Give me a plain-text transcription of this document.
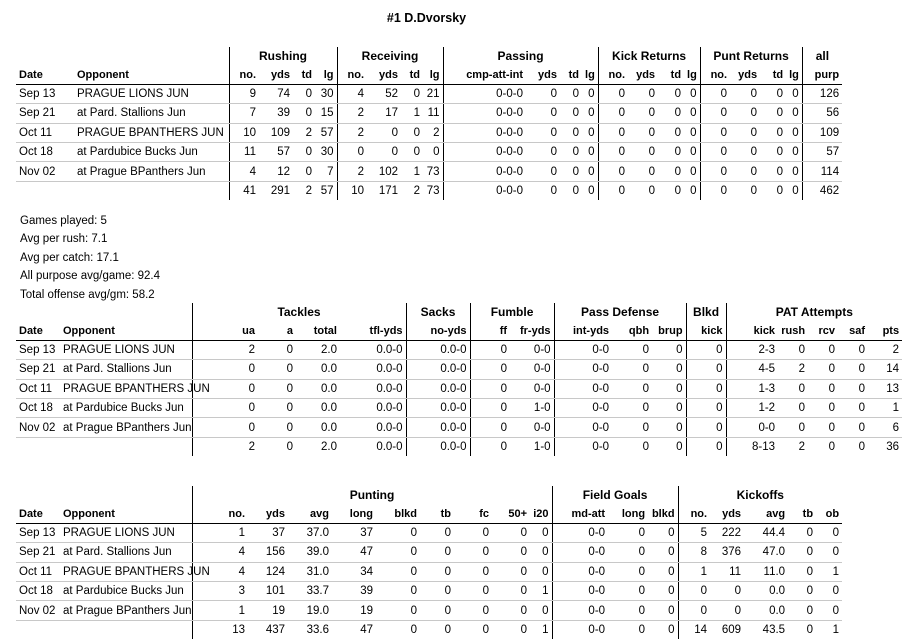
#1 D.Dvorsky
		Rushing				Receiving				Passing				Kick Returns				Punt Returns				all
Date	Opponent	no.	yds	td	lg	no.	yds	td	lg	cmp-att-int	yds	td	lg	no.	yds	td	lg	no.	yds	td	lg	purp
Sep 13	PRAGUE LIONS JUN	9	74	0	30	4	52	0	21	0-0-0	0	0	0	0	0	0	0	0	0	0	0	126
Sep 21	at Pard. Stallions Jun	7	39	0	15	2	17	1	11	0-0-0	0	0	0	0	0	0	0	0	0	0	0	56
Oct 11	PRAGUE BPANTHERS JUN	10	109	2	57	2	0	0	2	0-0-0	0	0	0	0	0	0	0	0	0	0	0	109
Oct 18	at Pardubice Bucks Jun	11	57	0	30	0	0	0	0	0-0-0	0	0	0	0	0	0	0	0	0	0	0	57
Nov 02	at Prague BPanthers Jun	4	12	0	7	2	102	1	73	0-0-0	0	0	0	0	0	0	0	0	0	0	0	114
		41	291	2	57	10	171	2	73	0-0-0	0	0	0	0	0	0	0	0	0	0	0	462
Games played: 5
Avg per rush: 7.1
Avg per catch: 17.1
All purpose avg/game: 92.4
Total offense avg/gm: 58.2
		Tackles				Sacks	Fumble		Pass Defense			Blkd	PAT Attempts				
Date	Opponent	ua	a	total	tfl-yds	no-yds	ff	fr-yds	int-yds	qbh	brup	kick	kick	rush	rcv	saf	pts
Sep 13	PRAGUE LIONS JUN	2	0	2.0	0.0-0	0.0-0	0	0-0	0-0	0	0	0	2-3	0	0	0	2
Sep 21	at Pard. Stallions Jun	0	0	0.0	0.0-0	0.0-0	0	0-0	0-0	0	0	0	4-5	2	0	0	14
Oct 11	PRAGUE BPANTHERS JUN	0	0	0.0	0.0-0	0.0-0	0	0-0	0-0	0	0	0	1-3	0	0	0	13
Oct 18	at Pardubice Bucks Jun	0	0	0.0	0.0-0	0.0-0	0	1-0	0-0	0	0	0	1-2	0	0	0	1
Nov 02	at Prague BPanthers Jun	0	0	0.0	0.0-0	0.0-0	0	0-0	0-0	0	0	0	0-0	0	0	0	6
		2	0	2.0	0.0-0	0.0-0	0	1-0	0-0	0	0	0	8-13	2	0	0	36
		Punting									Field Goals			Kickoffs				
Date	Opponent	no.	yds	avg	long	blkd	tb	fc	50+	i20	md-att	long	blkd	no.	yds	avg	tb	ob
Sep 13	PRAGUE LIONS JUN	1	37	37.0	37	0	0	0	0	0	0-0	0	0	5	222	44.4	0	0
Sep 21	at Pard. Stallions Jun	4	156	39.0	47	0	0	0	0	0	0-0	0	0	8	376	47.0	0	0
Oct 11	PRAGUE BPANTHERS JUN	4	124	31.0	34	0	0	0	0	0	0-0	0	0	1	11	11.0	0	1
Oct 18	at Pardubice Bucks Jun	3	101	33.7	39	0	0	0	0	1	0-0	0	0	0	0	0.0	0	0
Nov 02	at Prague BPanthers Jun	1	19	19.0	19	0	0	0	0	0	0-0	0	0	0	0	0.0	0	0
		13	437	33.6	47	0	0	0	0	1	0-0	0	0	14	609	43.5	0	1
